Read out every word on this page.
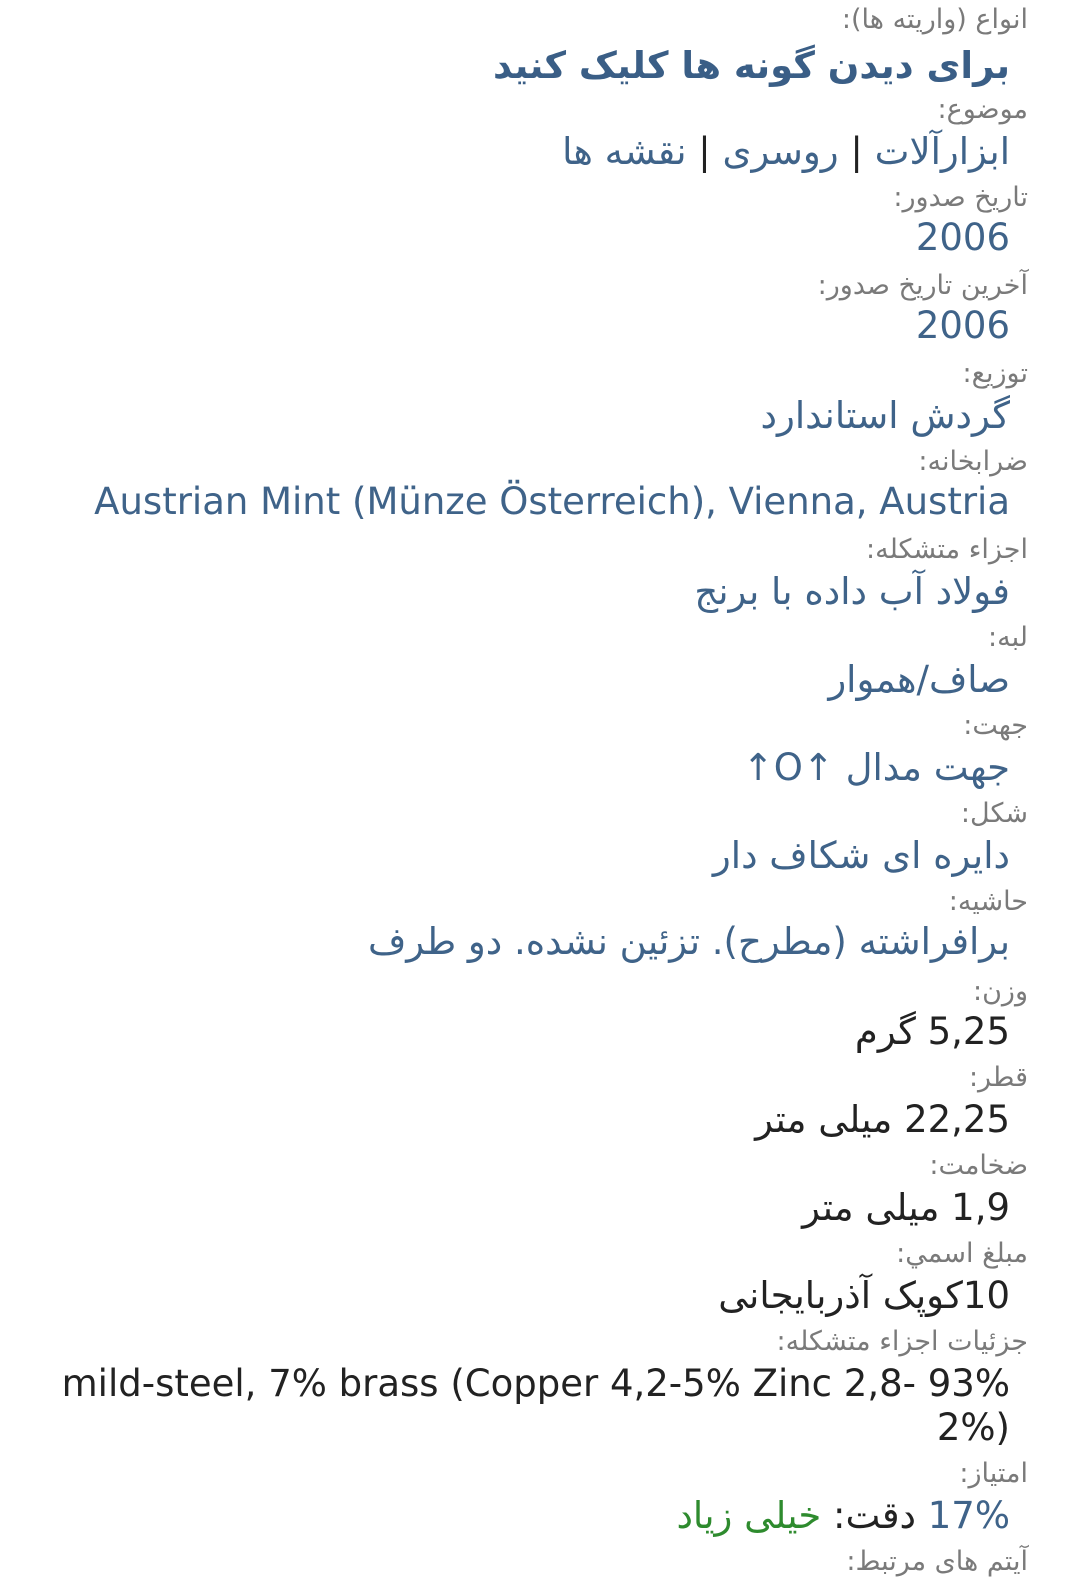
انواع (واریته ها):
برای دیدن گونه ها کلیک کنید
موضوع:
ابزارآلات | روسری | نقشه ها
تاریخ صدور:
2006
آخرین تاریخ صدور:
2006
توزیع:
گردش استاندارد
ضرابخانه:
Austrian Mint (Münze Österreich), Vienna, Austria
اجزاء متشکله:
فولاد آب داده با برنج
لبه:
صاف/هموار
جهت:
جهت مدال ↑O↑
شکل:
دایره ای شکاف دار
حاشیه:
برافراشته (مطرح). تزئین نشده. دو طرف
وزن:
5,25 گرم
قطر:
22,25 میلی متر
ضخامت:
1,9 میلی متر
مبلغ اسمي:
10کوپک آذربایجانی
جزئیات اجزاء متشکله:
93% mild-steel, 7% brass (Copper 4,2-5% Zinc 2,8-2%)
امتیاز:
17% دقت: خیلی زیاد
آیتم های مرتبط:
